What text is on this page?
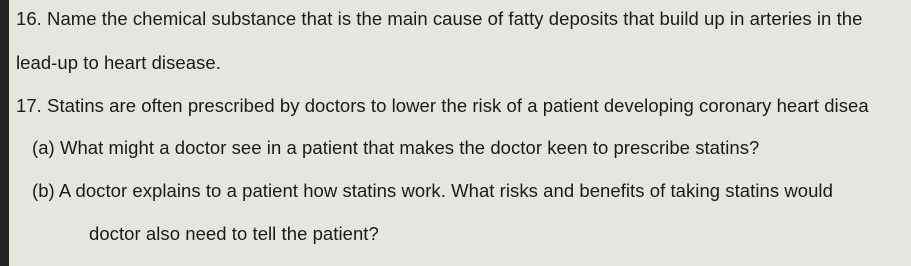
16. Name the chemical substance that is the main cause of fatty deposits that build up in arteries in the
lead-up to heart disease.
17. Statins are often prescribed by doctors to lower the risk of a patient developing coronary heart disea
(a) What might a doctor see in a patient that makes the doctor keen to prescribe statins?
(b) A doctor explains to a patient how statins work. What risks and benefits of taking statins would
doctor also need to tell the patient?
